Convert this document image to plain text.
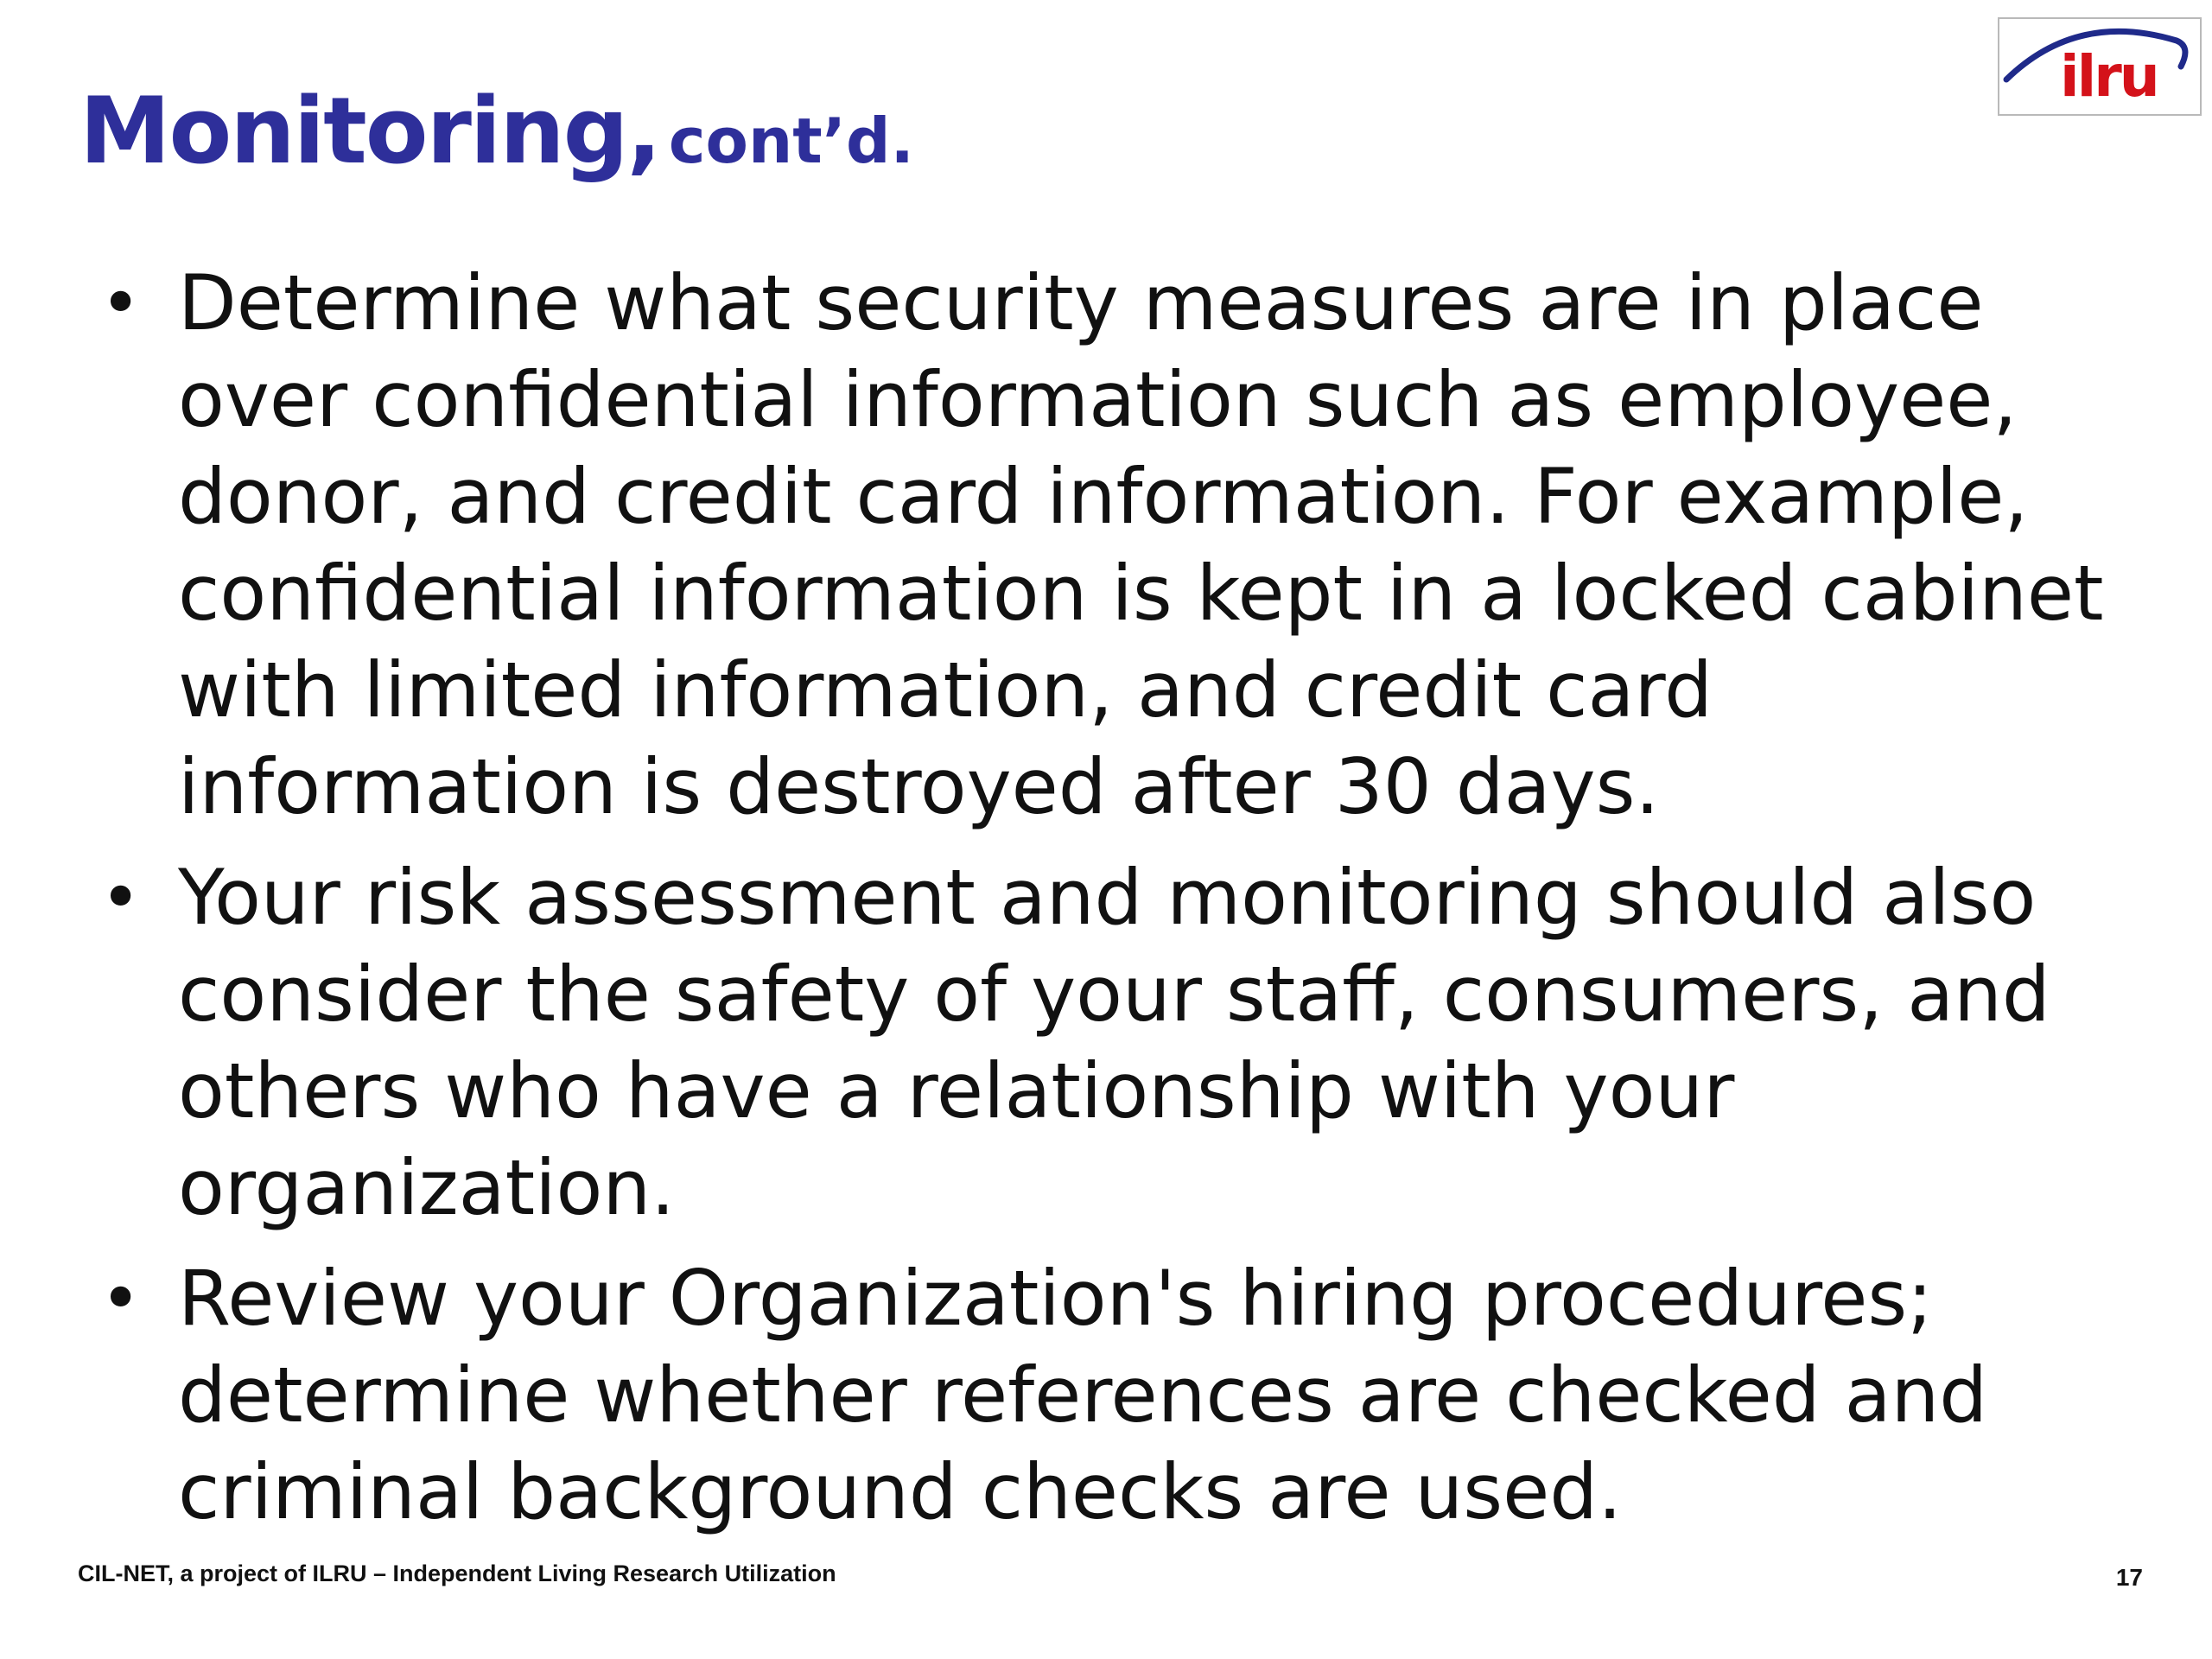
Monitoring, cont’d.
ilru
• Determine what security measures are in place over confidential information such as employee, donor, and credit card information. For example, confidential information is kept in a locked cabinet with limited information, and credit card information is destroyed after 30 days.
• Your risk assessment and monitoring should also consider the safety of your staff, consumers, and others who have a relationship with your organization.
• Review your Organization's hiring procedures; determine whether references are checked and criminal background checks are used.
CIL-NET, a project of ILRU – Independent Living Research Utilization	17
